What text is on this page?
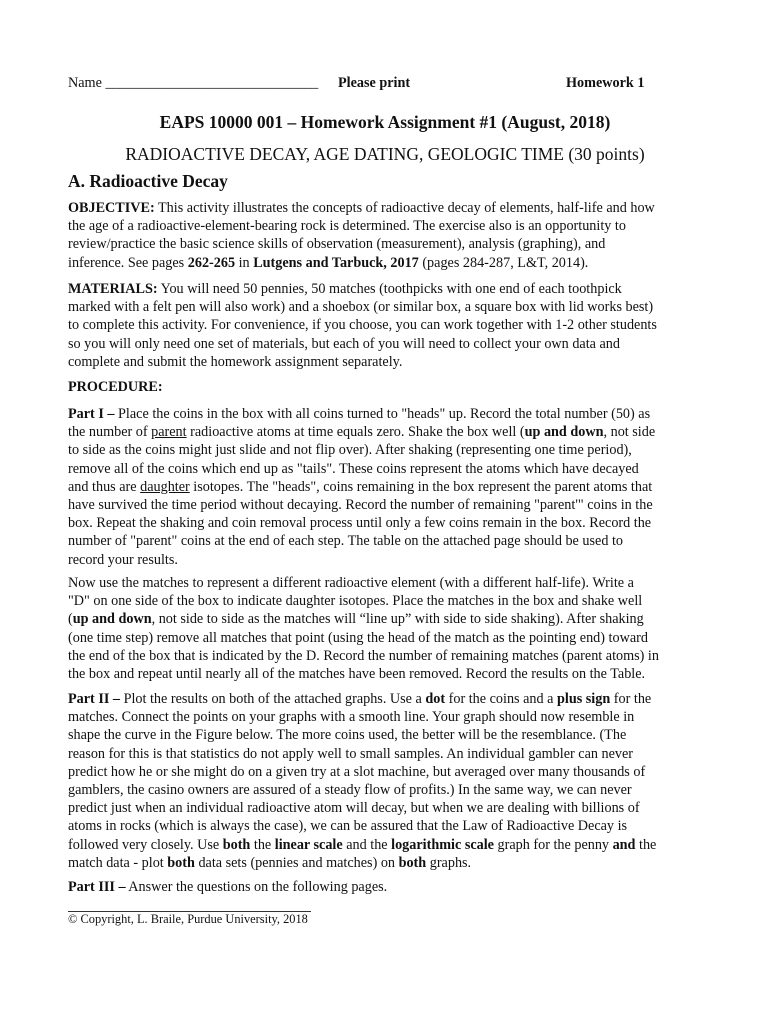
Name ______________________________ Please print	Homework 1
EAPS 10000 001 – Homework Assignment #1 (August, 2018)
RADIOACTIVE DECAY, AGE DATING, GEOLOGIC TIME (30 points)
A. Radioactive Decay
OBJECTIVE: This activity illustrates the concepts of radioactive decay of elements, half-life and how
the age of a radioactive-element-bearing rock is determined. The exercise also is an opportunity to
review/practice the basic science skills of observation (measurement), analysis (graphing), and
inference. See pages 262-265 in Lutgens and Tarbuck, 2017 (pages 284-287, L&T, 2014).
MATERIALS: You will need 50 pennies, 50 matches (toothpicks with one end of each toothpick
marked with a felt pen will also work) and a shoebox (or similar box, a square box with lid works best)
to complete this activity. For convenience, if you choose, you can work together with 1-2 other students
so you will only need one set of materials, but each of you will need to collect your own data and
complete and submit the homework assignment separately.
PROCEDURE:
Part I – Place the coins in the box with all coins turned to "heads" up. Record the total number (50) as
the number of parent radioactive atoms at time equals zero. Shake the box well (up and down, not side
to side as the coins might just slide and not flip over). After shaking (representing one time period),
remove all of the coins which end up as "tails". These coins represent the atoms which have decayed
and thus are daughter isotopes. The "heads", coins remaining in the box represent the parent atoms that
have survived the time period without decaying. Record the number of remaining "parent'" coins in the
box. Repeat the shaking and coin removal process until only a few coins remain in the box. Record the
number of "parent" coins at the end of each step. The table on the attached page should be used to
record your results.
Now use the matches to represent a different radioactive element (with a different half-life). Write a
"D" on one side of the box to indicate daughter isotopes. Place the matches in the box and shake well
(up and down, not side to side as the matches will “line up” with side to side shaking). After shaking
(one time step) remove all matches that point (using the head of the match as the pointing end) toward
the end of the box that is indicated by the D. Record the number of remaining matches (parent atoms) in
the box and repeat until nearly all of the matches have been removed. Record the results on the Table.
Part II – Plot the results on both of the attached graphs. Use a dot for the coins and a plus sign for the
matches. Connect the points on your graphs with a smooth line. Your graph should now resemble in
shape the curve in the Figure below. The more coins used, the better will be the resemblance. (The
reason for this is that statistics do not apply well to small samples. An individual gambler can never
predict how he or she might do on a given try at a slot machine, but averaged over many thousands of
gamblers, the casino owners are assured of a steady flow of profits.) In the same way, we can never
predict just when an individual radioactive atom will decay, but when we are dealing with billions of
atoms in rocks (which is always the case), we can be assured that the Law of Radioactive Decay is
followed very closely. Use both the linear scale and the logarithmic scale graph for the penny and the
match data - plot both data sets (pennies and matches) on both graphs.
Part III – Answer the questions on the following pages.
© Copyright, L. Braile, Purdue University, 2018
